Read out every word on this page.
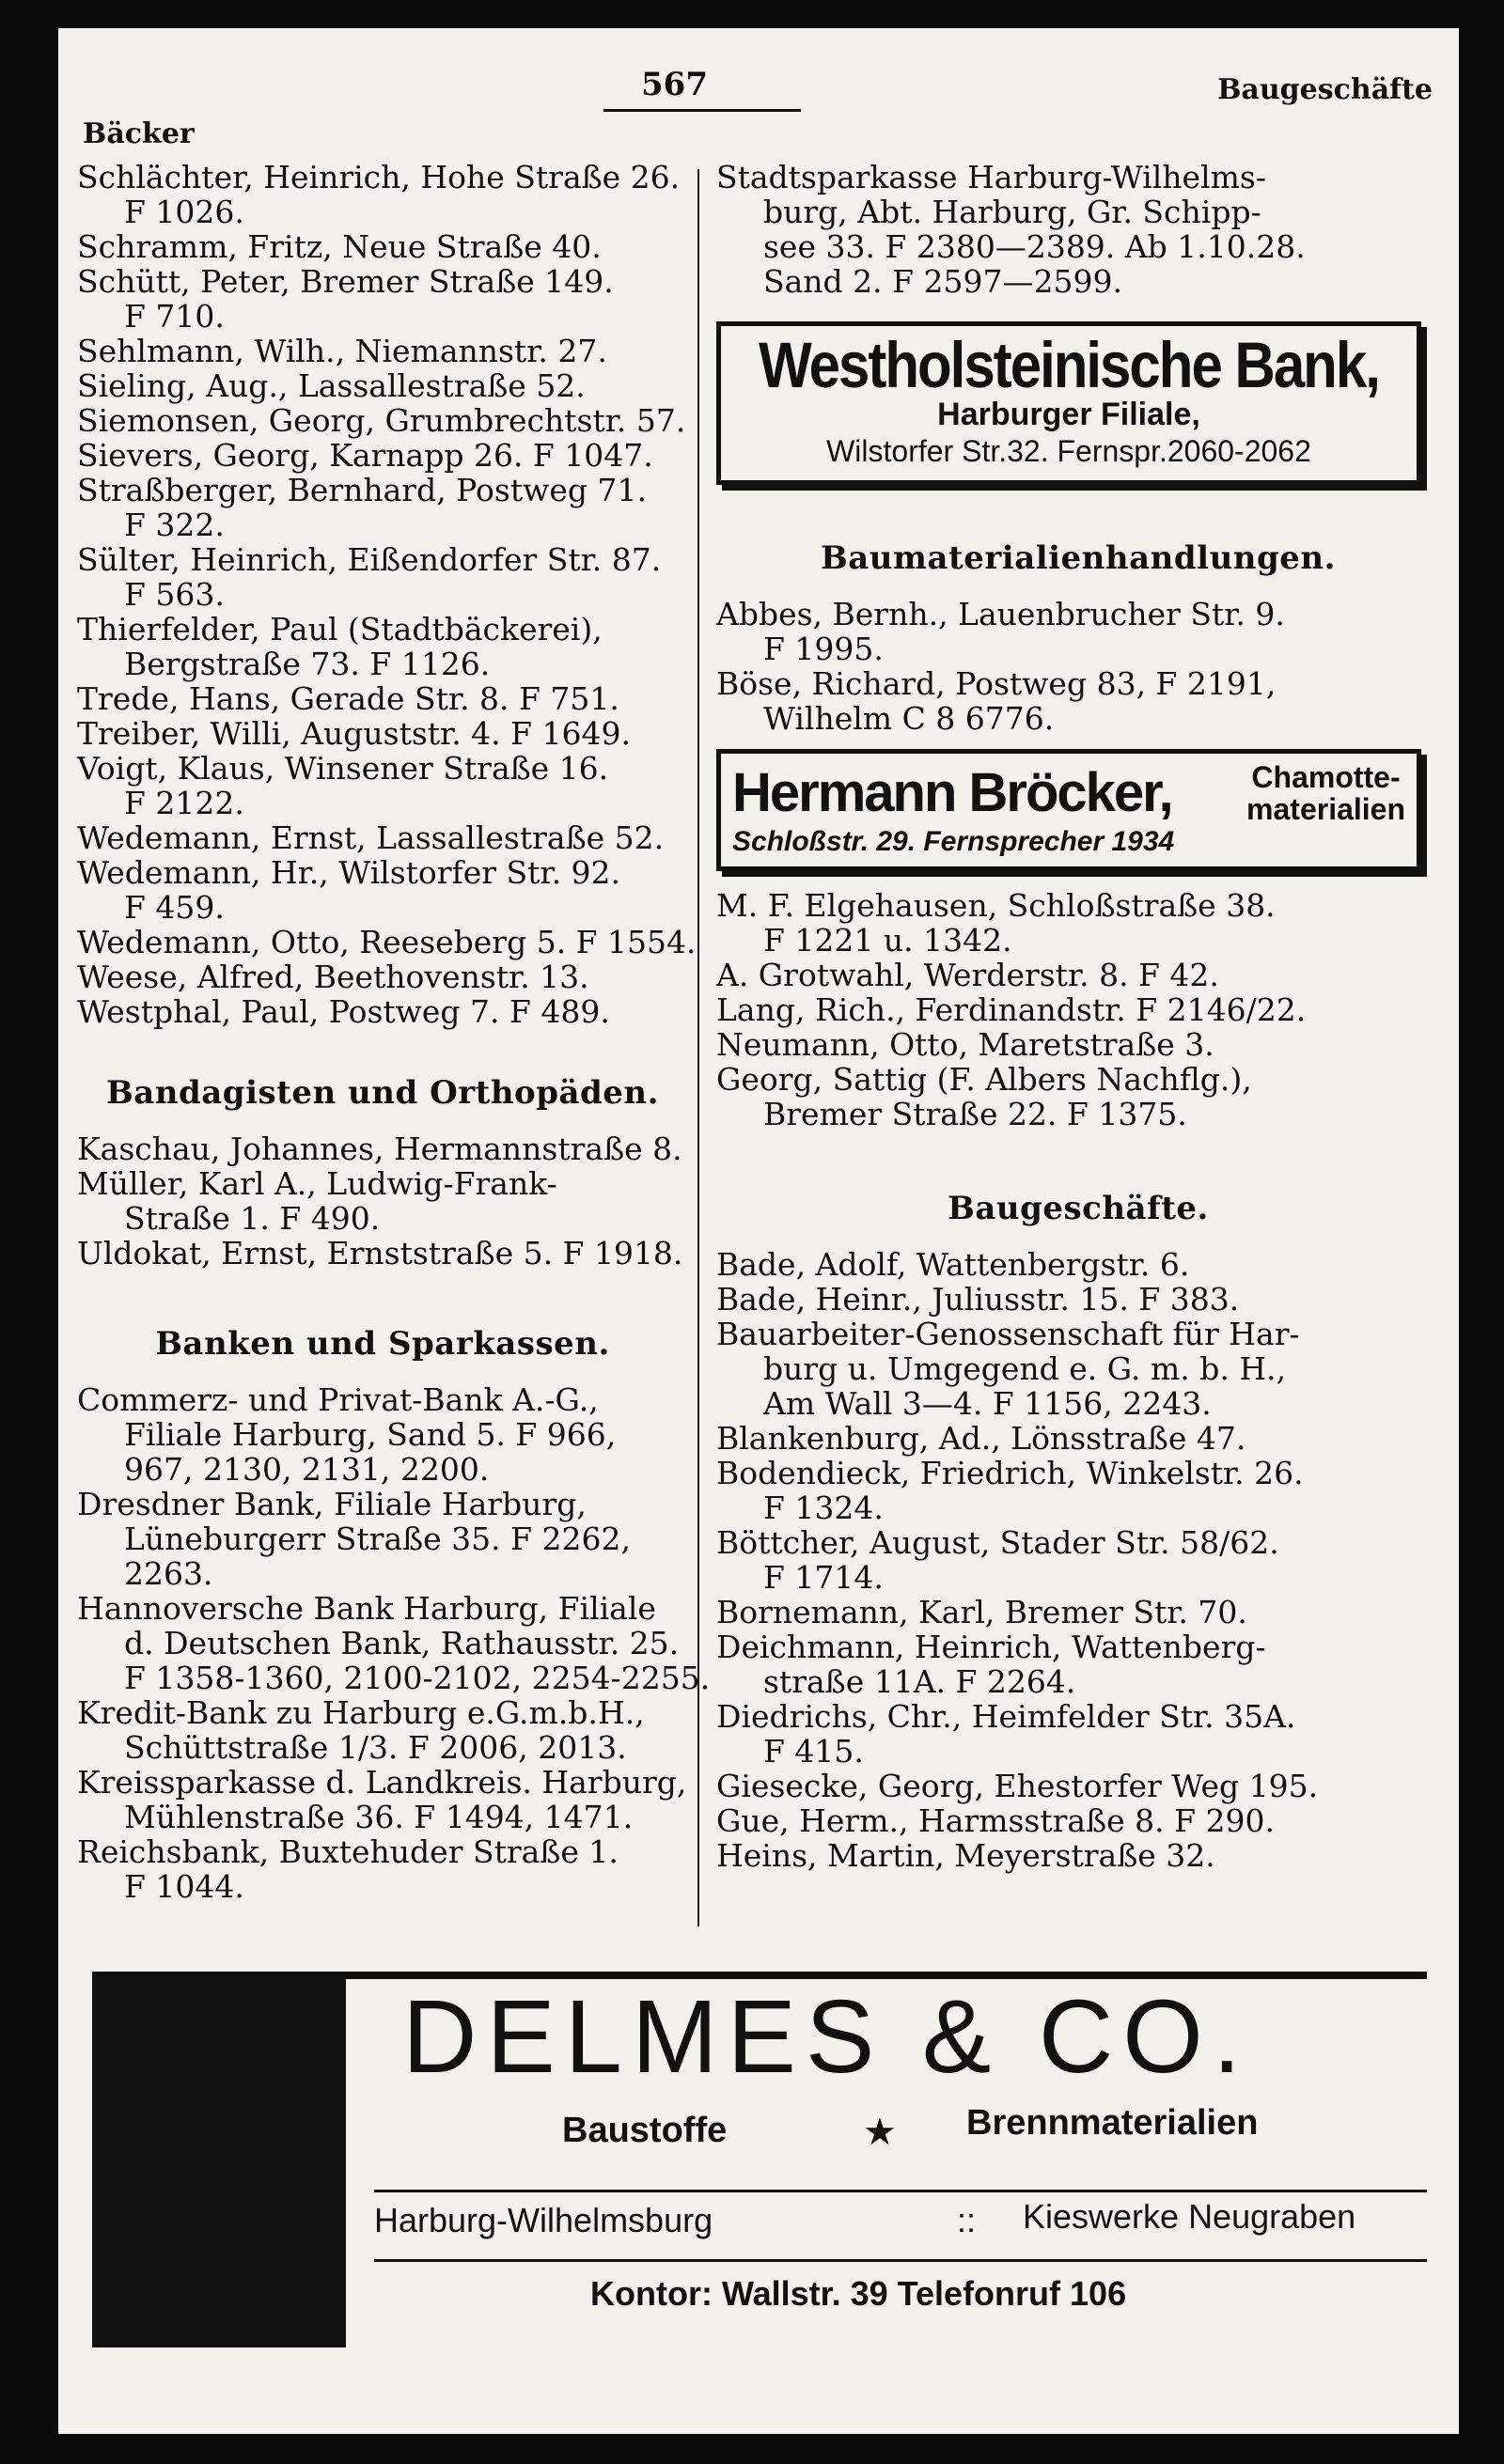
Bäcker
567	Baugeschäfte
Schlächter, Heinrich, Hohe Straße 26.
F 1026.
Schramm, Fritz, Neue Straße 40.
Schütt, Peter, Bremer Straße 149.
F 710.
Sehlmann, Wilh., Niemannstr. 27.
Sieling, Aug., Lassallestraße 52.
Siemonsen, Georg, Grumbrechtstr. 57.
Sievers, Georg, Karnapp 26. F 1047.
Straßberger, Bernhard, Postweg 71.
F 322.
Sülter, Heinrich, Eißendorfer Str. 87.
F 563.
Thierfelder, Paul (Stadtbäckerei),
Bergstraße 73. F 1126.
Trede, Hans, Gerade Str. 8. F 751.
Treiber, Willi, Auguststr. 4. F 1649.
Voigt, Klaus, Winsener Straße 16.
F 2122.
Wedemann, Ernst, Lassallestraße 52.
Wedemann, Hr., Wilstorfer Str. 92.
F 459.
Wedemann, Otto, Reeseberg 5. F 1554.
Weese, Alfred, Beethovenstr. 13.
Westphal, Paul, Postweg 7. F 489.
Bandagisten und Orthopäden.
Kaschau, Johannes, Hermannstraße 8.
Müller, Karl A., Ludwig-Frank-
Straße 1. F 490.
Uldokat, Ernst, Ernststraße 5. F 1918.
Banken und Sparkassen.
Commerz- und Privat-Bank A.-G.,
Filiale Harburg, Sand 5. F 966,
967, 2130, 2131, 2200.
Dresdner Bank, Filiale Harburg,
Lüneburgerr Straße 35. F 2262,
2263.
Hannoversche Bank Harburg, Filiale
d. Deutschen Bank, Rathausstr. 25.
F 1358-1360, 2100-2102, 2254-2255.
Kredit-Bank zu Harburg e.G.m.b.H.,
Schüttstraße 1/3. F 2006, 2013.
Kreissparkasse d. Landkreis. Harburg,
Mühlenstraße 36. F 1494, 1471.
Reichsbank, Buxtehuder Straße 1.
F 1044.
Stadtsparkasse Harburg-Wilhelms-
burg, Abt. Harburg, Gr. Schipp-
see 33. F 2380—2389. Ab 1.10.28.
Sand 2. F 2597—2599.
Westholsteinische Bank,
Harburger Filiale,
Wilstorfer Str.32. Fernspr.2060-2062
Baumaterialienhandlungen.
Abbes, Bernh., Lauenbrucher Str. 9.
F 1995.
Böse, Richard, Postweg 83, F 2191,
Wilhelm C 8 6776.
Hermann Bröcker,	Chamotte-
materialien
Schloßstr. 29. Fernsprecher 1934
M. F. Elgehausen, Schloßstraße 38.
F 1221 u. 1342.
A. Grotwahl, Werderstr. 8. F 42.
Lang, Rich., Ferdinandstr. F 2146/22.
Neumann, Otto, Maretstraße 3.
Georg, Sattig (F. Albers Nachflg.),
Bremer Straße 22. F 1375.
Baugeschäfte.
Bade, Adolf, Wattenbergstr. 6.
Bade, Heinr., Juliusstr. 15. F 383.
Bauarbeiter-Genossenschaft für Har-
burg u. Umgegend e. G. m. b. H.,
Am Wall 3—4. F 1156, 2243.
Blankenburg, Ad., Lönsstraße 47.
Bodendieck, Friedrich, Winkelstr. 26.
F 1324.
Böttcher, August, Stader Str. 58/62.
F 1714.
Bornemann, Karl, Bremer Str. 70.
Deichmann, Heinrich, Wattenberg-
straße 11A. F 2264.
Diedrichs, Chr., Heimfelder Str. 35A.
F 415.
Giesecke, Georg, Ehestorfer Weg 195.
Gue, Herm., Harmsstraße 8. F 290.
Heins, Martin, Meyerstraße 32.
DELMES & CO.
Baustoffe	★ Brennmaterialien
Harburg-Wilhelmsburg	:: Kieswerke Neugraben
Kontor: Wallstr. 39 Telefonruf 106
